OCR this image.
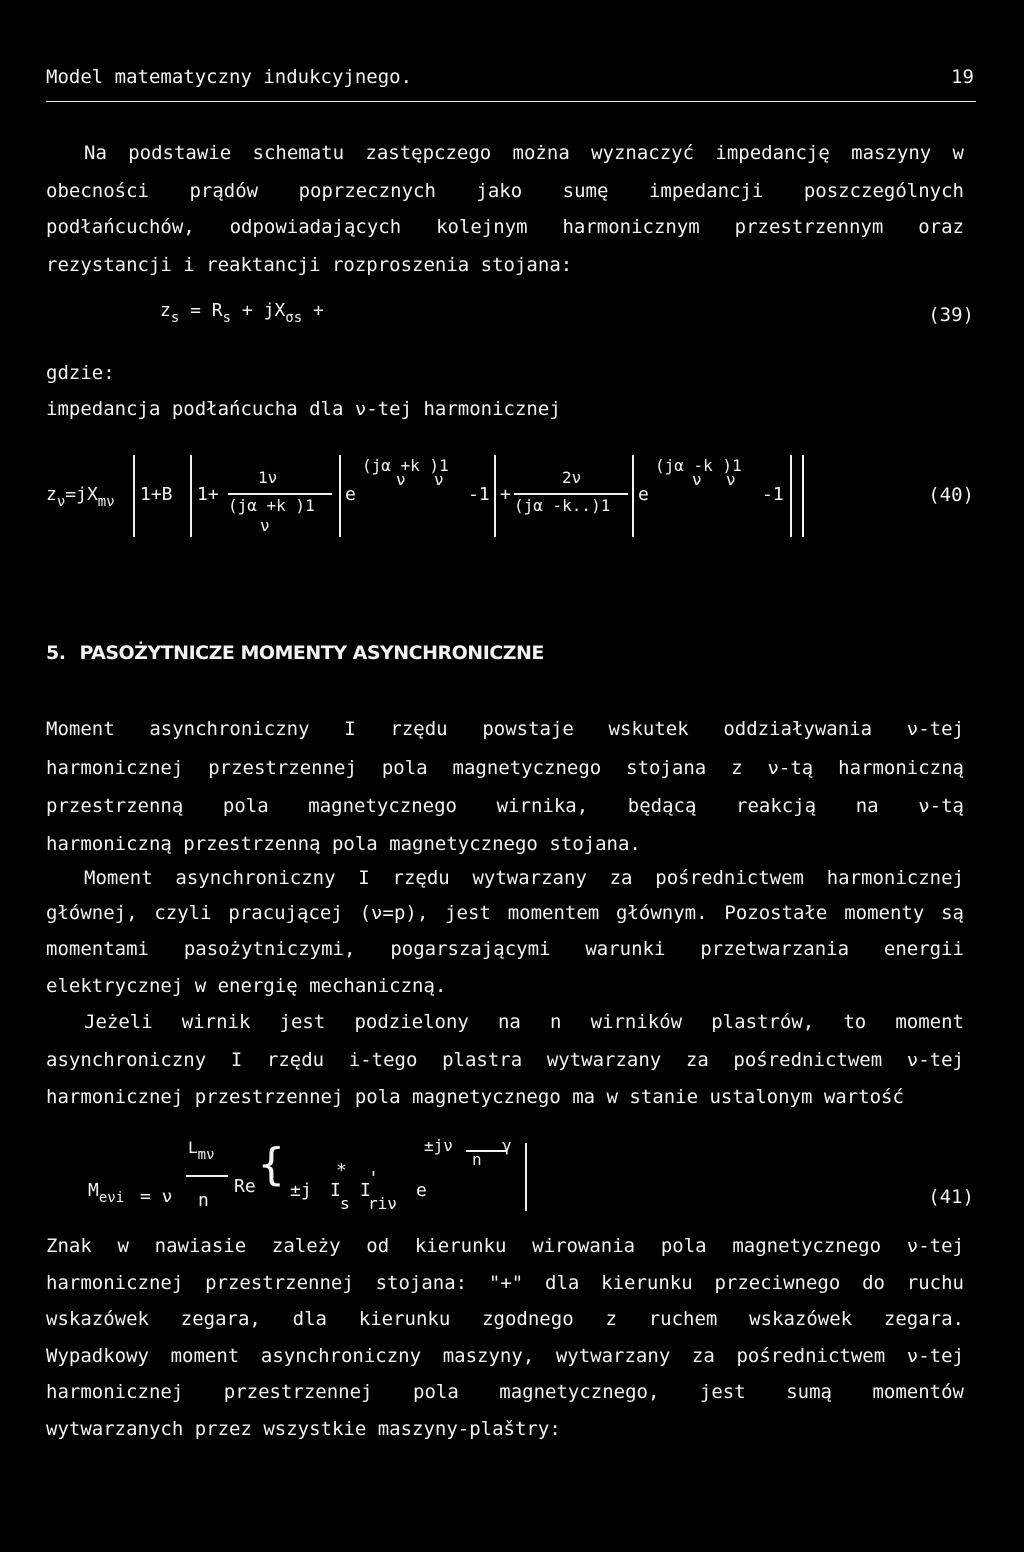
Model matematyczny indukcyjnego.	19
Na podstawie schematu zastępczego można wyznaczyć impedancję maszyny w
obecności prądów poprzecznych jako sumę impedancji poszczególnych
podłańcuchów, odpowiadających kolejnym harmonicznym przestrzennym oraz
rezystancji i reaktancji rozproszenia stojana:
$z_s = R_s + jX_{\sigma s}$ +	(39)
gdzie:
impedancja podłańcucha dla ν-tej harmonicznej
$z_\nu=jX_{m\nu}$ 1+B 1+
1ν
(jα +k )1
ν
e
(jα +k )1
ν ν
-1 +
2ν
(jα -k..)1
e
(jα -k )1
ν ν
-1	(40)
5. PASOŻYTNICZE MOMENTY ASYNCHRONICZNE
Moment asynchroniczny I rzędu powstaje wskutek oddziaływania ν-tej
harmonicznej przestrzennej pola magnetycznego stojana z ν-tą harmoniczną
przestrzenną pola magnetycznego wirnika, będącą reakcją na ν-tą
harmoniczną przestrzenną pola magnetycznego stojana.
Moment asynchroniczny I rzędu wytwarzany za pośrednictwem harmonicznej
głównej, czyli pracującej (ν=p), jest momentem głównym. Pozostałe momenty są
momentami pasożytniczymi, pogarszającymi warunki przetwarzania energii
elektrycznej w energię mechaniczną.
Jeżeli wirnik jest podzielony na n wirników plastrów, to moment
asynchroniczny I rzędu i-tego plastra wytwarzany za pośrednictwem ν-tej
harmonicznej przestrzennej pola magnetycznego ma w stanie ustalonym wartość
$M_{e\nu i} = \nu$
$L_{m\nu}$
n
Re {
±j I
*
s
I
'
riν
e
±jν	γ
n
(41)
Znak w nawiasie zależy od kierunku wirowania pola magnetycznego ν-tej
harmonicznej przestrzennej stojana: "+" dla kierunku przeciwnego do ruchu
wskazówek zegara, dla kierunku zgodnego z ruchem wskazówek zegara.
Wypadkowy moment asynchroniczny maszyny, wytwarzany za pośrednictwem ν-tej
harmonicznej przestrzennej pola magnetycznego, jest sumą momentów
wytwarzanych przez wszystkie maszyny-plaštry:
